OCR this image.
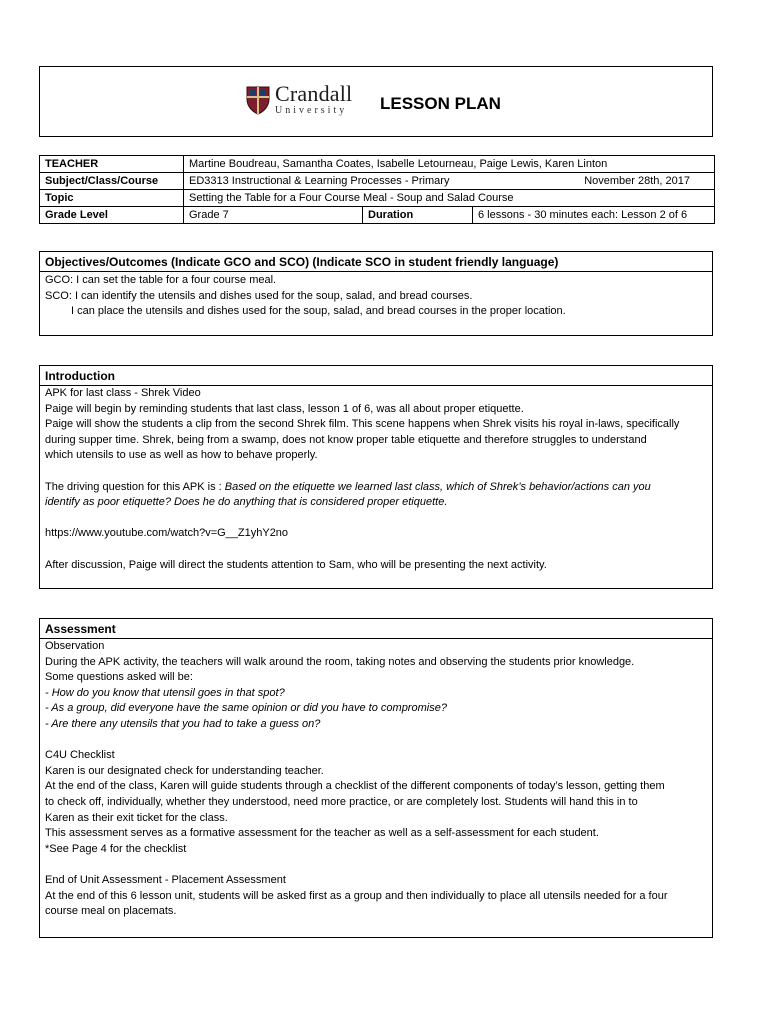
Crandall
University	LESSON PLAN
TEACHER	Martine Boudreau, Samantha Coates, Isabelle Letourneau, Paige Lewis, Karen Linton		
Subject/Class/Course	ED3313 Instructional & Learning Processes - Primary November 28th, 2017		

Topic	Setting the Table for a Four Course Meal - Soup and Salad Course		
Grade Level	Grade 7	Duration	6 lessons - 30 minutes each: Lesson 2 of 6
Objectives/Outcomes (Indicate GCO and SCO) (Indicate SCO in student friendly language)

GCO: I can set the table for a four course meal.

SCO: I can identify the utensils and dishes used for the soup, salad, and bread courses.

I can place the utensils and dishes used for the soup, salad, and bread courses in the proper location.

Introduction

APK for last class - Shrek Video

Paige will begin by reminding students that last class, lesson 1 of 6, was all about proper etiquette.

Paige will show the students a clip from the second Shrek film. This scene happens when Shrek visits his royal in-laws, specifically

during supper time. Shrek, being from a swamp, does not know proper table etiquette and therefore struggles to understand

which utensils to use as well as how to behave properly.

The driving question for this APK is : Based on the etiquette we learned last class, which of Shrek’s behavior/actions can you

identify as poor etiquette? Does he do anything that is considered proper etiquette.

https://www.youtube.com/watch?v=G__Z1yhY2no

After discussion, Paige will direct the students attention to Sam, who will be presenting the next activity.

Assessment

Observation

During the APK activity, the teachers will walk around the room, taking notes and observing the students prior knowledge.

Some questions asked will be:

- How do you know that utensil goes in that spot?

- As a group, did everyone have the same opinion or did you have to compromise?

- Are there any utensils that you had to take a guess on?

C4U Checklist

Karen is our designated check for understanding teacher.

At the end of the class, Karen will guide students through a checklist of the different components of today’s lesson, getting them

to check off, individually, whether they understood, need more practice, or are completely lost. Students will hand this in to

Karen as their exit ticket for the class.

This assessment serves as a formative assessment for the teacher as well as a self-assessment for each student.

*See Page 4 for the checklist

End of Unit Assessment - Placement Assessment

At the end of this 6 lesson unit, students will be asked first as a group and then individually to place all utensils needed for a four

course meal on placemats.
